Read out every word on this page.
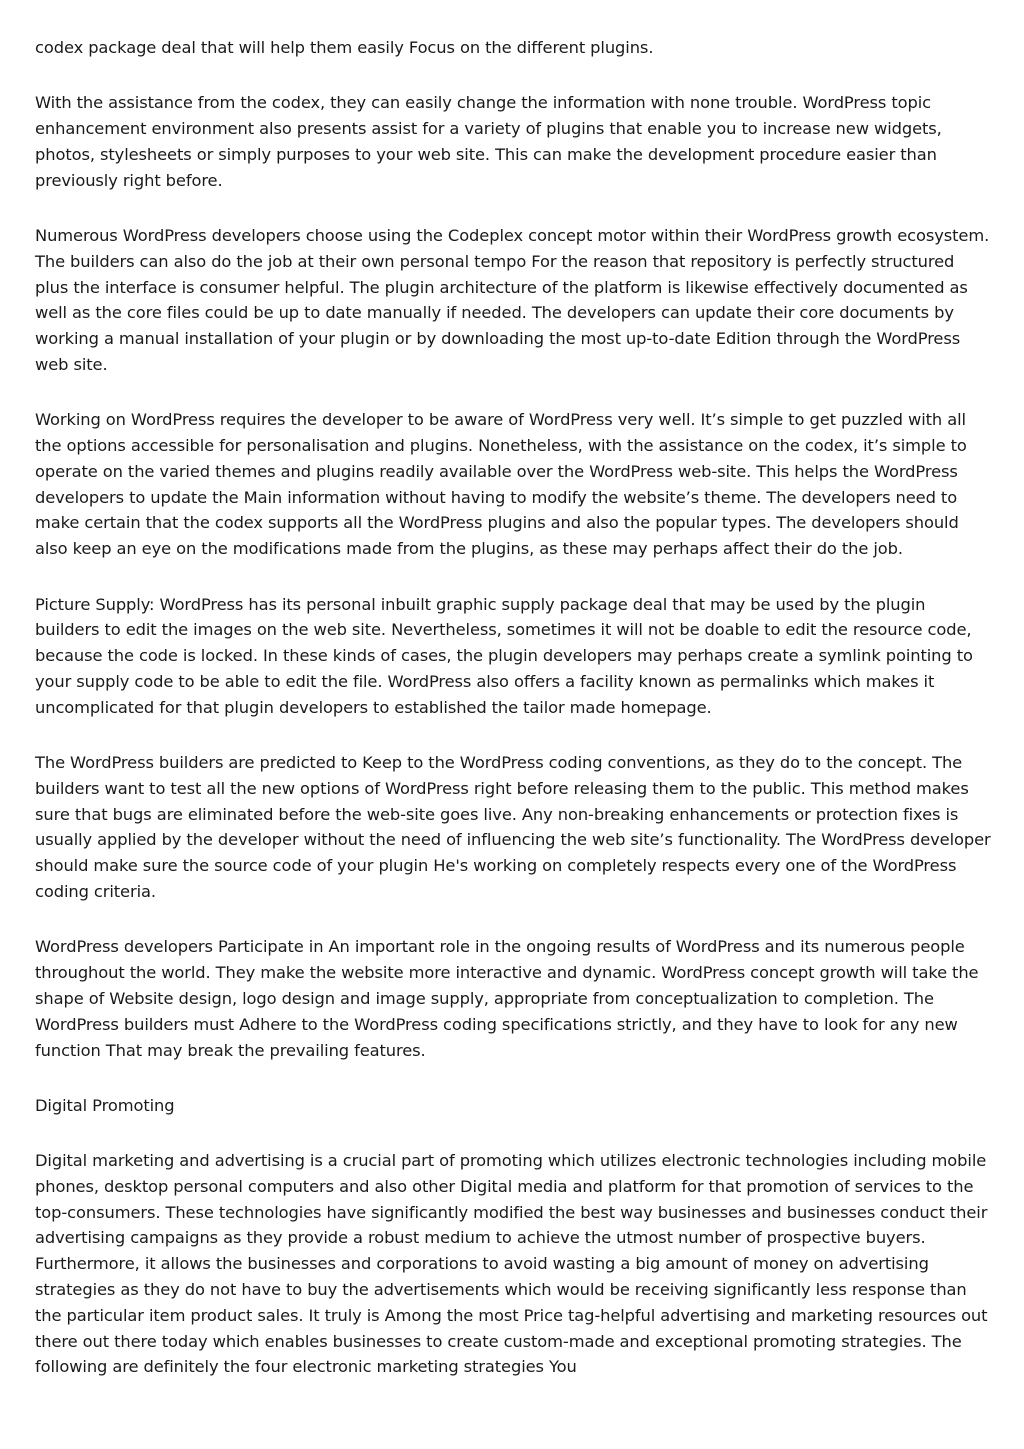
codex package deal that will help them easily Focus on the different plugins.

With the assistance from the codex, they can easily change the information with none trouble. WordPress topic enhancement environment also presents assist for a variety of plugins that enable you to increase new widgets, photos, stylesheets or simply purposes to your web site. This can make the development procedure easier than previously right before.

Numerous WordPress developers choose using the Codeplex concept motor within their WordPress growth ecosystem. The builders can also do the job at their own personal tempo For the reason that repository is perfectly structured plus the interface is consumer helpful. The plugin architecture of the platform is likewise effectively documented as well as the core files could be up to date manually if needed. The developers can update their core documents by working a manual installation of your plugin or by downloading the most up-to-date Edition through the WordPress web site.

Working on WordPress requires the developer to be aware of WordPress very well. It’s simple to get puzzled with all the options accessible for personalisation and plugins. Nonetheless, with the assistance on the codex, it’s simple to operate on the varied themes and plugins readily available over the WordPress web-site. This helps the WordPress developers to update the Main information without having to modify the website’s theme. The developers need to make certain that the codex supports all the WordPress plugins and also the popular types. The developers should also keep an eye on the modifications made from the plugins, as these may perhaps affect their do the job.

Picture Supply: WordPress has its personal inbuilt graphic supply package deal that may be used by the plugin builders to edit the images on the web site. Nevertheless, sometimes it will not be doable to edit the resource code, because the code is locked. In these kinds of cases, the plugin developers may perhaps create a symlink pointing to your supply code to be able to edit the file. WordPress also offers a facility known as permalinks which makes it uncomplicated for that plugin developers to established the tailor made homepage.

The WordPress builders are predicted to Keep to the WordPress coding conventions, as they do to the concept. The builders want to test all the new options of WordPress right before releasing them to the public. This method makes sure that bugs are eliminated before the web-site goes live. Any non-breaking enhancements or protection fixes is usually applied by the developer without the need of influencing the web site’s functionality. The WordPress developer should make sure the source code of your plugin He's working on completely respects every one of the WordPress coding criteria.

WordPress developers Participate in An important role in the ongoing results of WordPress and its numerous people throughout the world. They make the website more interactive and dynamic. WordPress concept growth will take the shape of Website design, logo design and image supply, appropriate from conceptualization to completion. The WordPress builders must Adhere to the WordPress coding specifications strictly, and they have to look for any new function That may break the prevailing features.

Digital Promoting

Digital marketing and advertising is a crucial part of promoting which utilizes electronic technologies including mobile phones, desktop personal computers and also other Digital media and platform for that promotion of services to the top-consumers. These technologies have significantly modified the best way businesses and businesses conduct their advertising campaigns as they provide a robust medium to achieve the utmost number of prospective buyers. Furthermore, it allows the businesses and corporations to avoid wasting a big amount of money on advertising strategies as they do not have to buy the advertisements which would be receiving significantly less response than the particular item product sales. It truly is Among the most Price tag-helpful advertising and marketing resources out there out there today which enables businesses to create custom-made and exceptional promoting strategies. The following are definitely the four electronic marketing strategies You
